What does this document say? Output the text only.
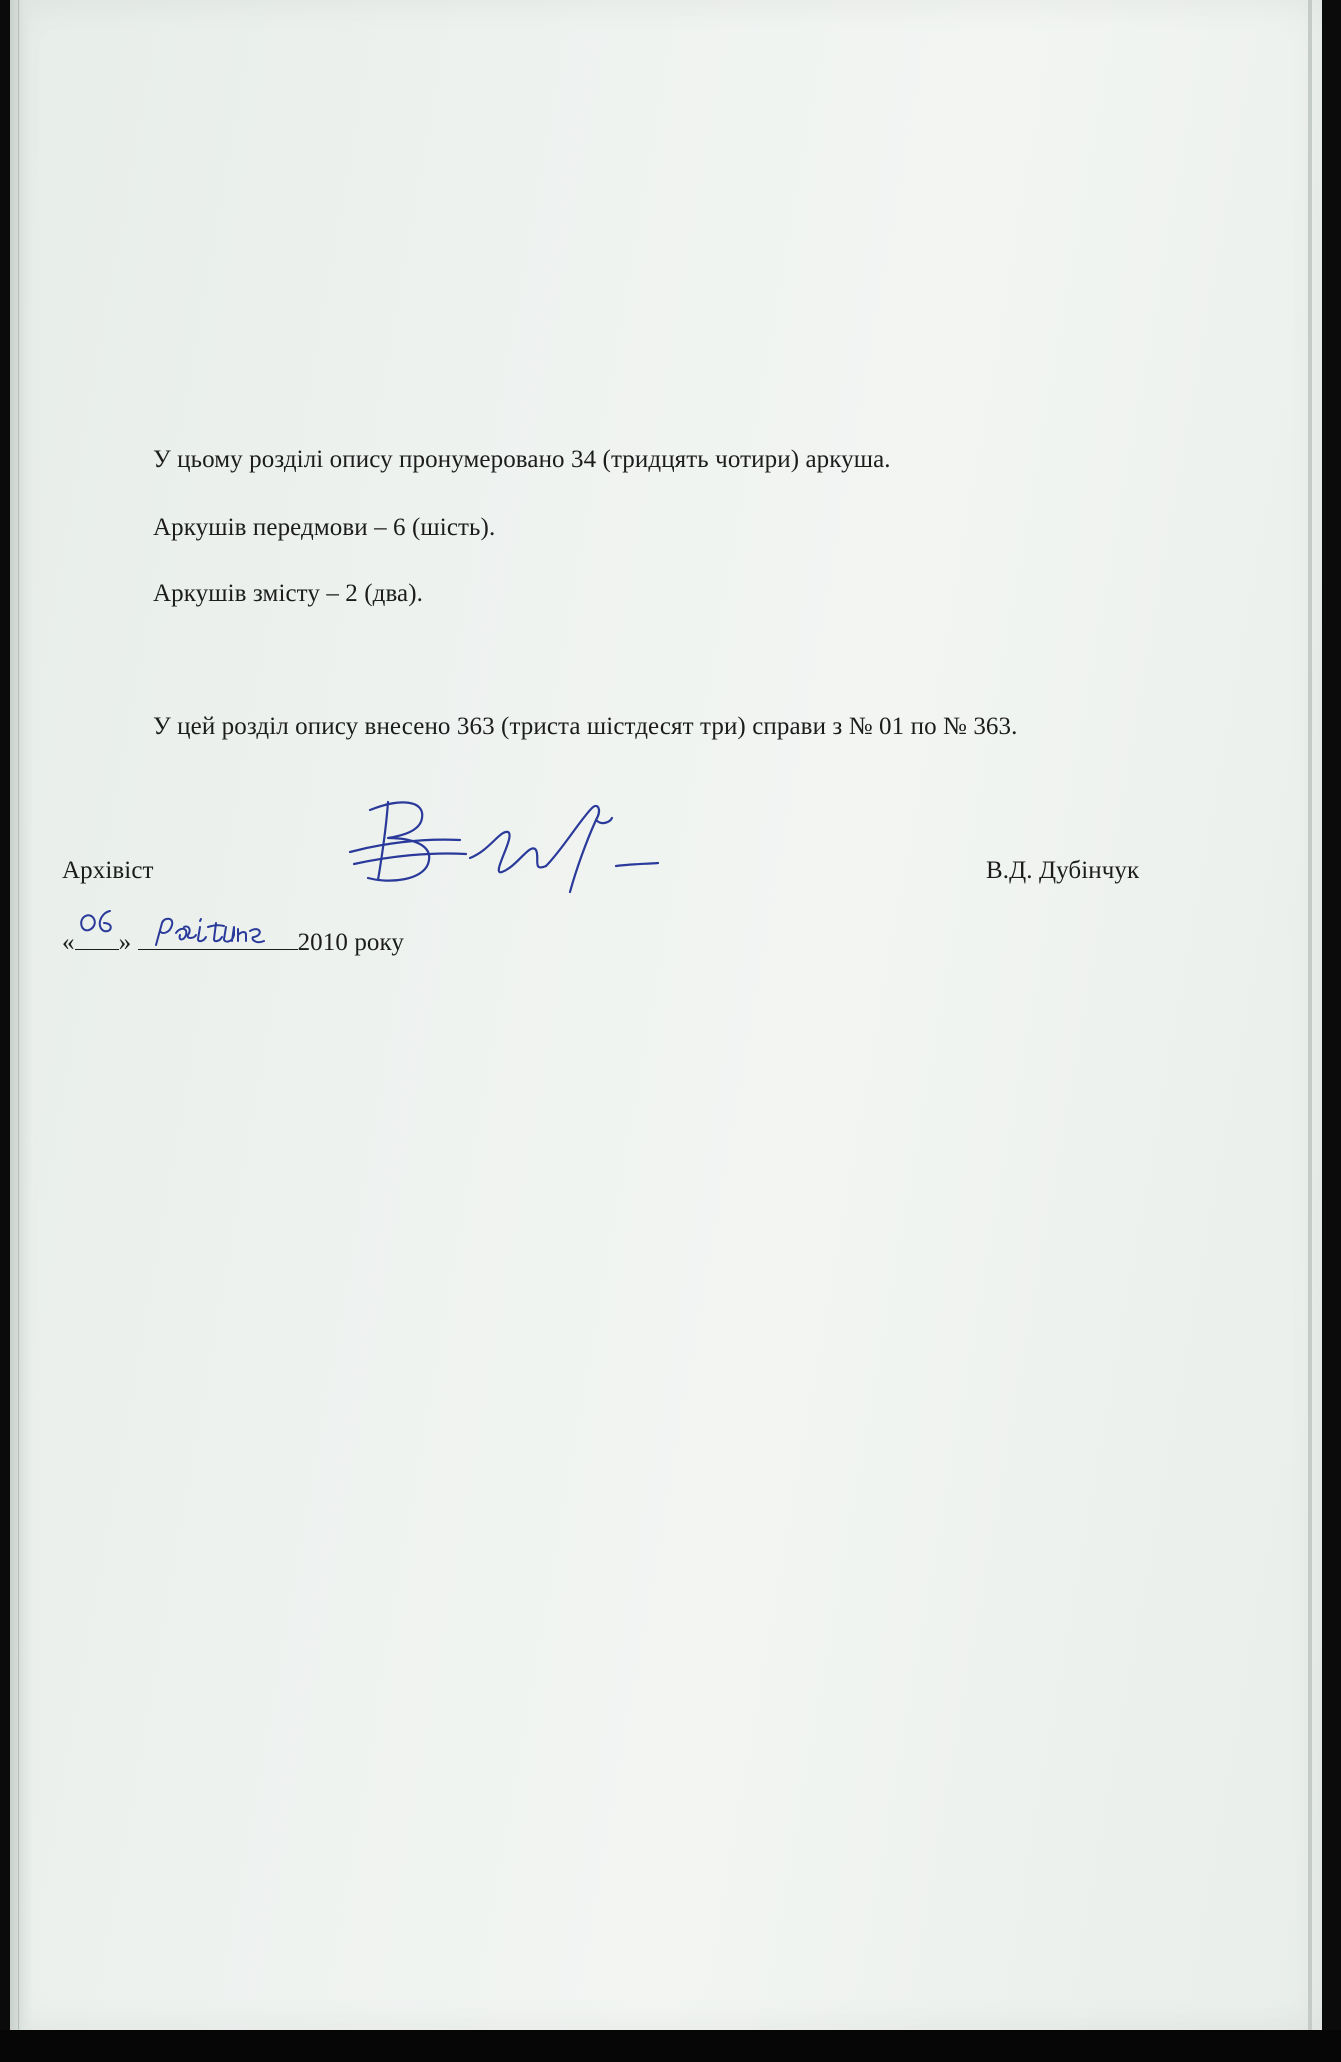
У цьому розділі опису пронумеровано 34 (тридцять чотири) аркуша.
Аркушів передмови – 6 (шість).
Аркушів змісту – 2 (два).
У цей розділ опису внесено 363 (триста шістдесят три) справи з № 01 по № 363.
Архівіст	В.Д. Дубінчук
« »	2010 року
